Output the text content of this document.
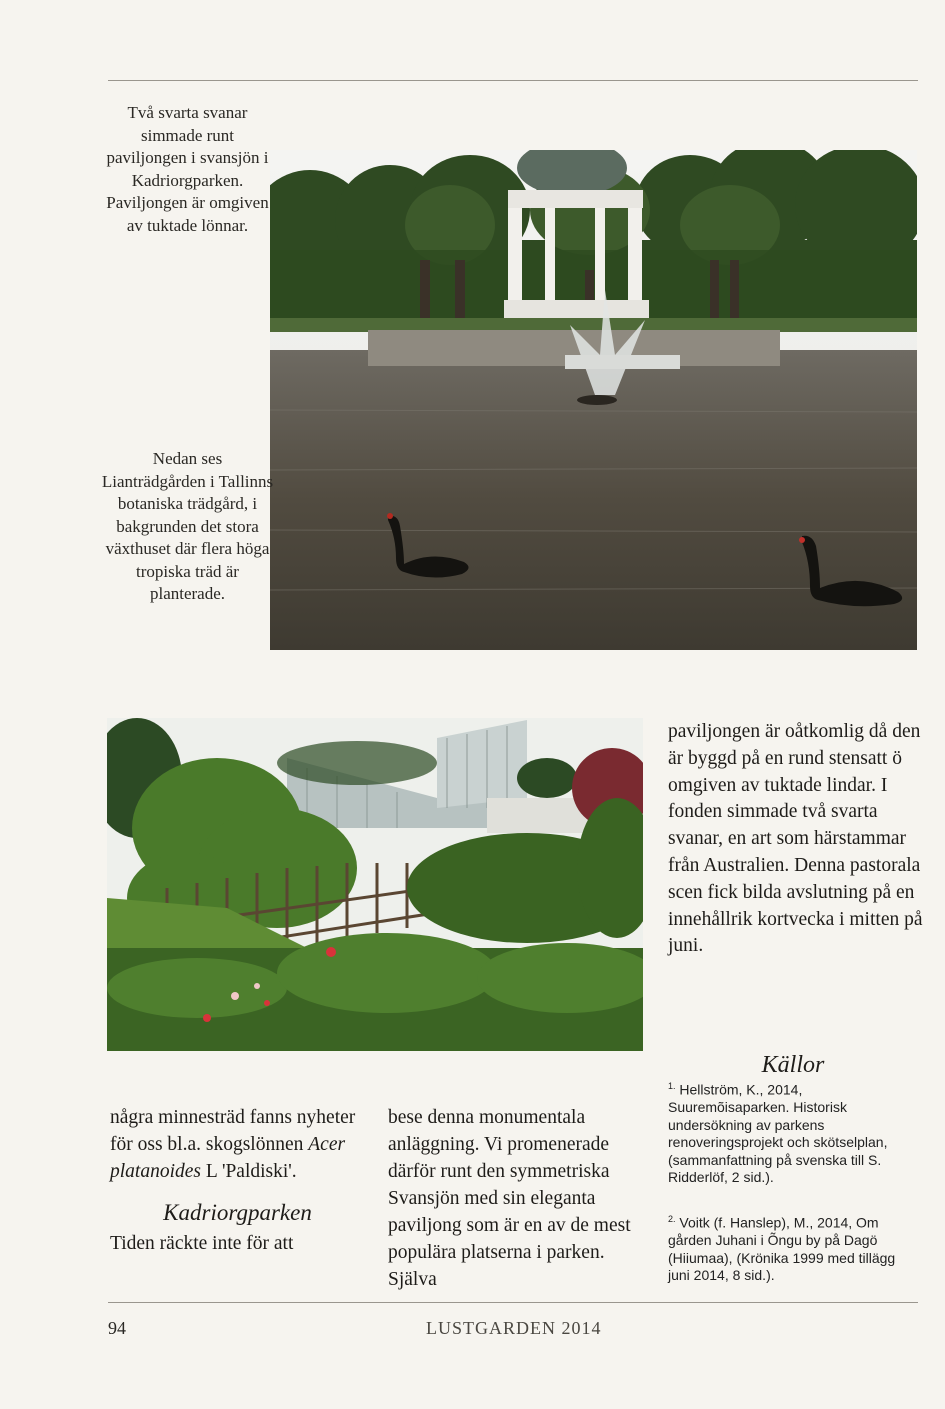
Två svarta svanar simmade runt paviljongen i svansjön i Kadriorgparken. Paviljongen är omgiven av tuktade lönnar.
Nedan ses Lianträdgården i Tallinns botaniska trädgård, i bakgrunden det stora växthuset där flera höga tropiska träd är planterade.
paviljongen är oåtkomlig då den är byggd på en rund stensatt ö omgiven av tuktade lindar. I fonden simmade två svarta svanar, en art som härstammar från Australien. Denna pastorala scen fick bilda avslutning på en innehållrik kortvecka i mitten på juni.
några minnesträd fanns nyheter för oss bl.a. skogslönnen Acer platanoides L 'Paldiski'.
Kadriorgparken
Tiden räckte inte för att
bese denna monumentala anläggning. Vi promenerade därför runt den symmetriska Svansjön med sin eleganta paviljong som är en av de mest populära platserna i parken. Själva
Källor
$^{1.}$ Hellström, K., 2014, Suuremõisaparken. Historisk undersökning av parkens renoveringsprojekt och skötselplan, (sammanfattning på svenska till S. Ridderlöf, 2 sid.).
$^{2.}$ Voitk (f. Hanslep), M., 2014, Om gården Juhani i Õngu by på Dagö (Hiiumaa), (Krönika 1999 med tillägg juni 2014, 8 sid.).
94	LUSTGARDEN 2014
